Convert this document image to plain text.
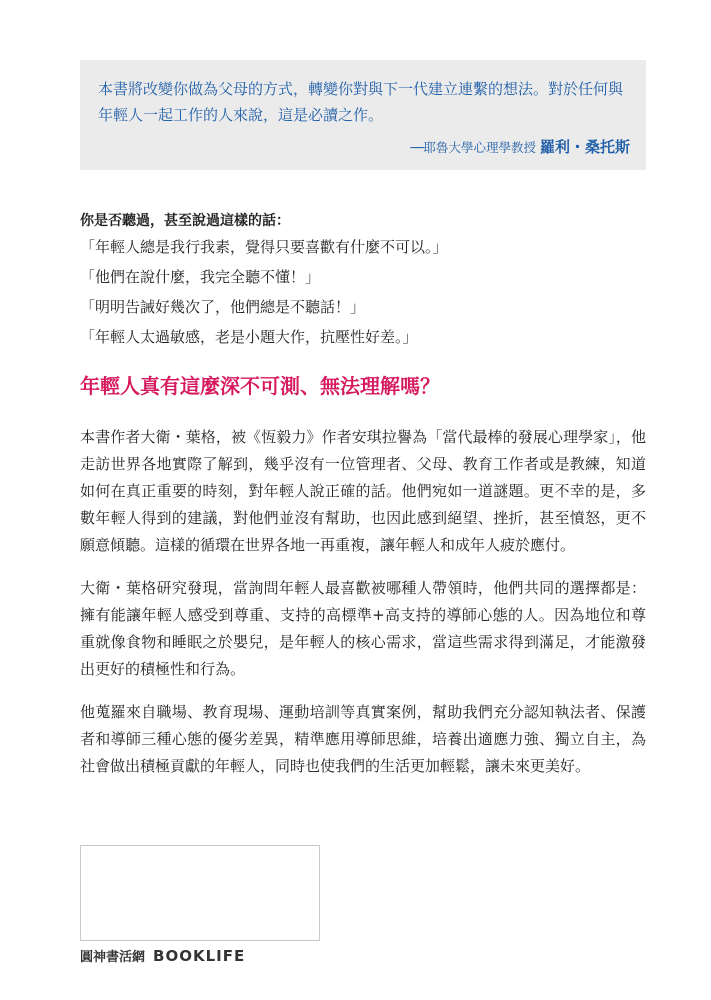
本書將改變你做為父母的方式，轉變你對與下一代建立連繫的想法。對於任何與年輕人一起工作的人來說，這是必讀之作。

──耶魯大學心理學教授 羅利・桑托斯
你是否聽過，甚至說過這樣的話：
「年輕人總是我行我素，覺得只要喜歡有什麼不可以。」
「他們在說什麼，我完全聽不懂！」
「明明告誡好幾次了，他們總是不聽話！」
「年輕人太過敏感，老是小題大作，抗壓性好差。」
年輕人真有這麼深不可測、無法理解嗎？

本書作者大衛・葉格，被《恆毅力》作者安琪拉譽為「當代最棒的發展心理學家」，他走訪世界各地實際了解到，幾乎沒有一位管理者、父母、教育工作者或是教練，知道如何在真正重要的時刻，對年輕人說正確的話。他們宛如一道謎題。更不幸的是，多數年輕人得到的建議，對他們並沒有幫助，也因此感到絕望、挫折，甚至憤怒，更不願意傾聽。這樣的循環在世界各地一再重複，讓年輕人和成年人疲於應付。

大衛・葉格研究發現，當詢問年輕人最喜歡被哪種人帶領時，他們共同的選擇都是：擁有能讓年輕人感受到尊重、支持的高標準+高支持的導師心態的人。因為地位和尊重就像食物和睡眠之於嬰兒，是年輕人的核心需求，當這些需求得到滿足，才能激發出更好的積極性和行為。

他蒐羅來自職場、教育現場、運動培訓等真實案例，幫助我們充分認知執法者、保護者和導師三種心態的優劣差異，精準應用導師思維，培養出適應力強、獨立自主，為社會做出積極貢獻的年輕人，同時也使我們的生活更加輕鬆，讓未來更美好。

圓神書活網 BOOKLIFE
